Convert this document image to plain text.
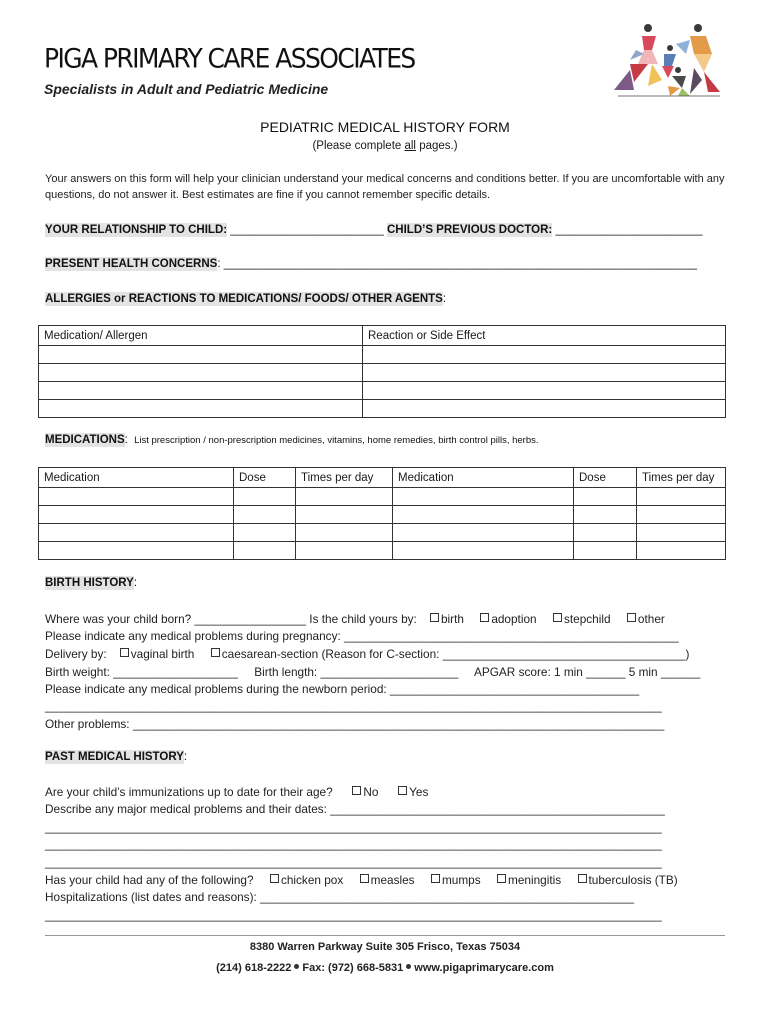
PIGA PRIMARY CARE ASSOCIATES
Specialists in Adult and Pediatric Medicine
PEDIATRIC MEDICAL HISTORY FORM
(Please complete all pages.)
Your answers on this form will help your clinician understand your medical concerns and conditions better. If you are uncomfortable with any questions, do not answer it. Best estimates are fine if you cannot remember specific details.
YOUR RELATIONSHIP TO CHILD: ________________________ CHILD’S PREVIOUS DOCTOR: _______________________
PRESENT HEALTH CONCERNS: __________________________________________________________________________
ALLERGIES or REACTIONS TO MEDICATIONS/ FOODS/ OTHER AGENTS:
Medication/ Allergen	Reaction or Side Effect

MEDICATIONS: List prescription / non-prescription medicines, vitamins, home remedies, birth control pills, herbs.
Medication	Dose	Times per day	Medication	Dose	Times per day

BIRTH HISTORY:
Where was your child born? _________________ Is the child yours by: birth adoption stepchild other
Please indicate any medical problems during pregnancy: ___________________________________________________
Delivery by: vaginal birth caesarean-section (Reason for C-section: _____________________________________)
Birth weight: ___________________ Birth length: _____________________ APGAR score: 1 min ______ 5 min ______
Please indicate any medical problems during the newborn period: ______________________________________
______________________________________________________________________________________________
Other problems: _________________________________________________________________________________
PAST MEDICAL HISTORY:
Are your child’s immunizations up to date for their age?	No	Yes
Describe any major medical problems and their dates: ___________________________________________________
______________________________________________________________________________________________
______________________________________________________________________________________________
______________________________________________________________________________________________
Has your child had any of the following? chicken pox measles mumps meningitis tuberculosis (TB)
Hospitalizations (list dates and reasons): _________________________________________________________
______________________________________________________________________________________________
8380 Warren Parkway Suite 305 Frisco, Texas 75034
(214) 618-2222 Fax: (972) 668-5831 www.pigaprimarycare.com
